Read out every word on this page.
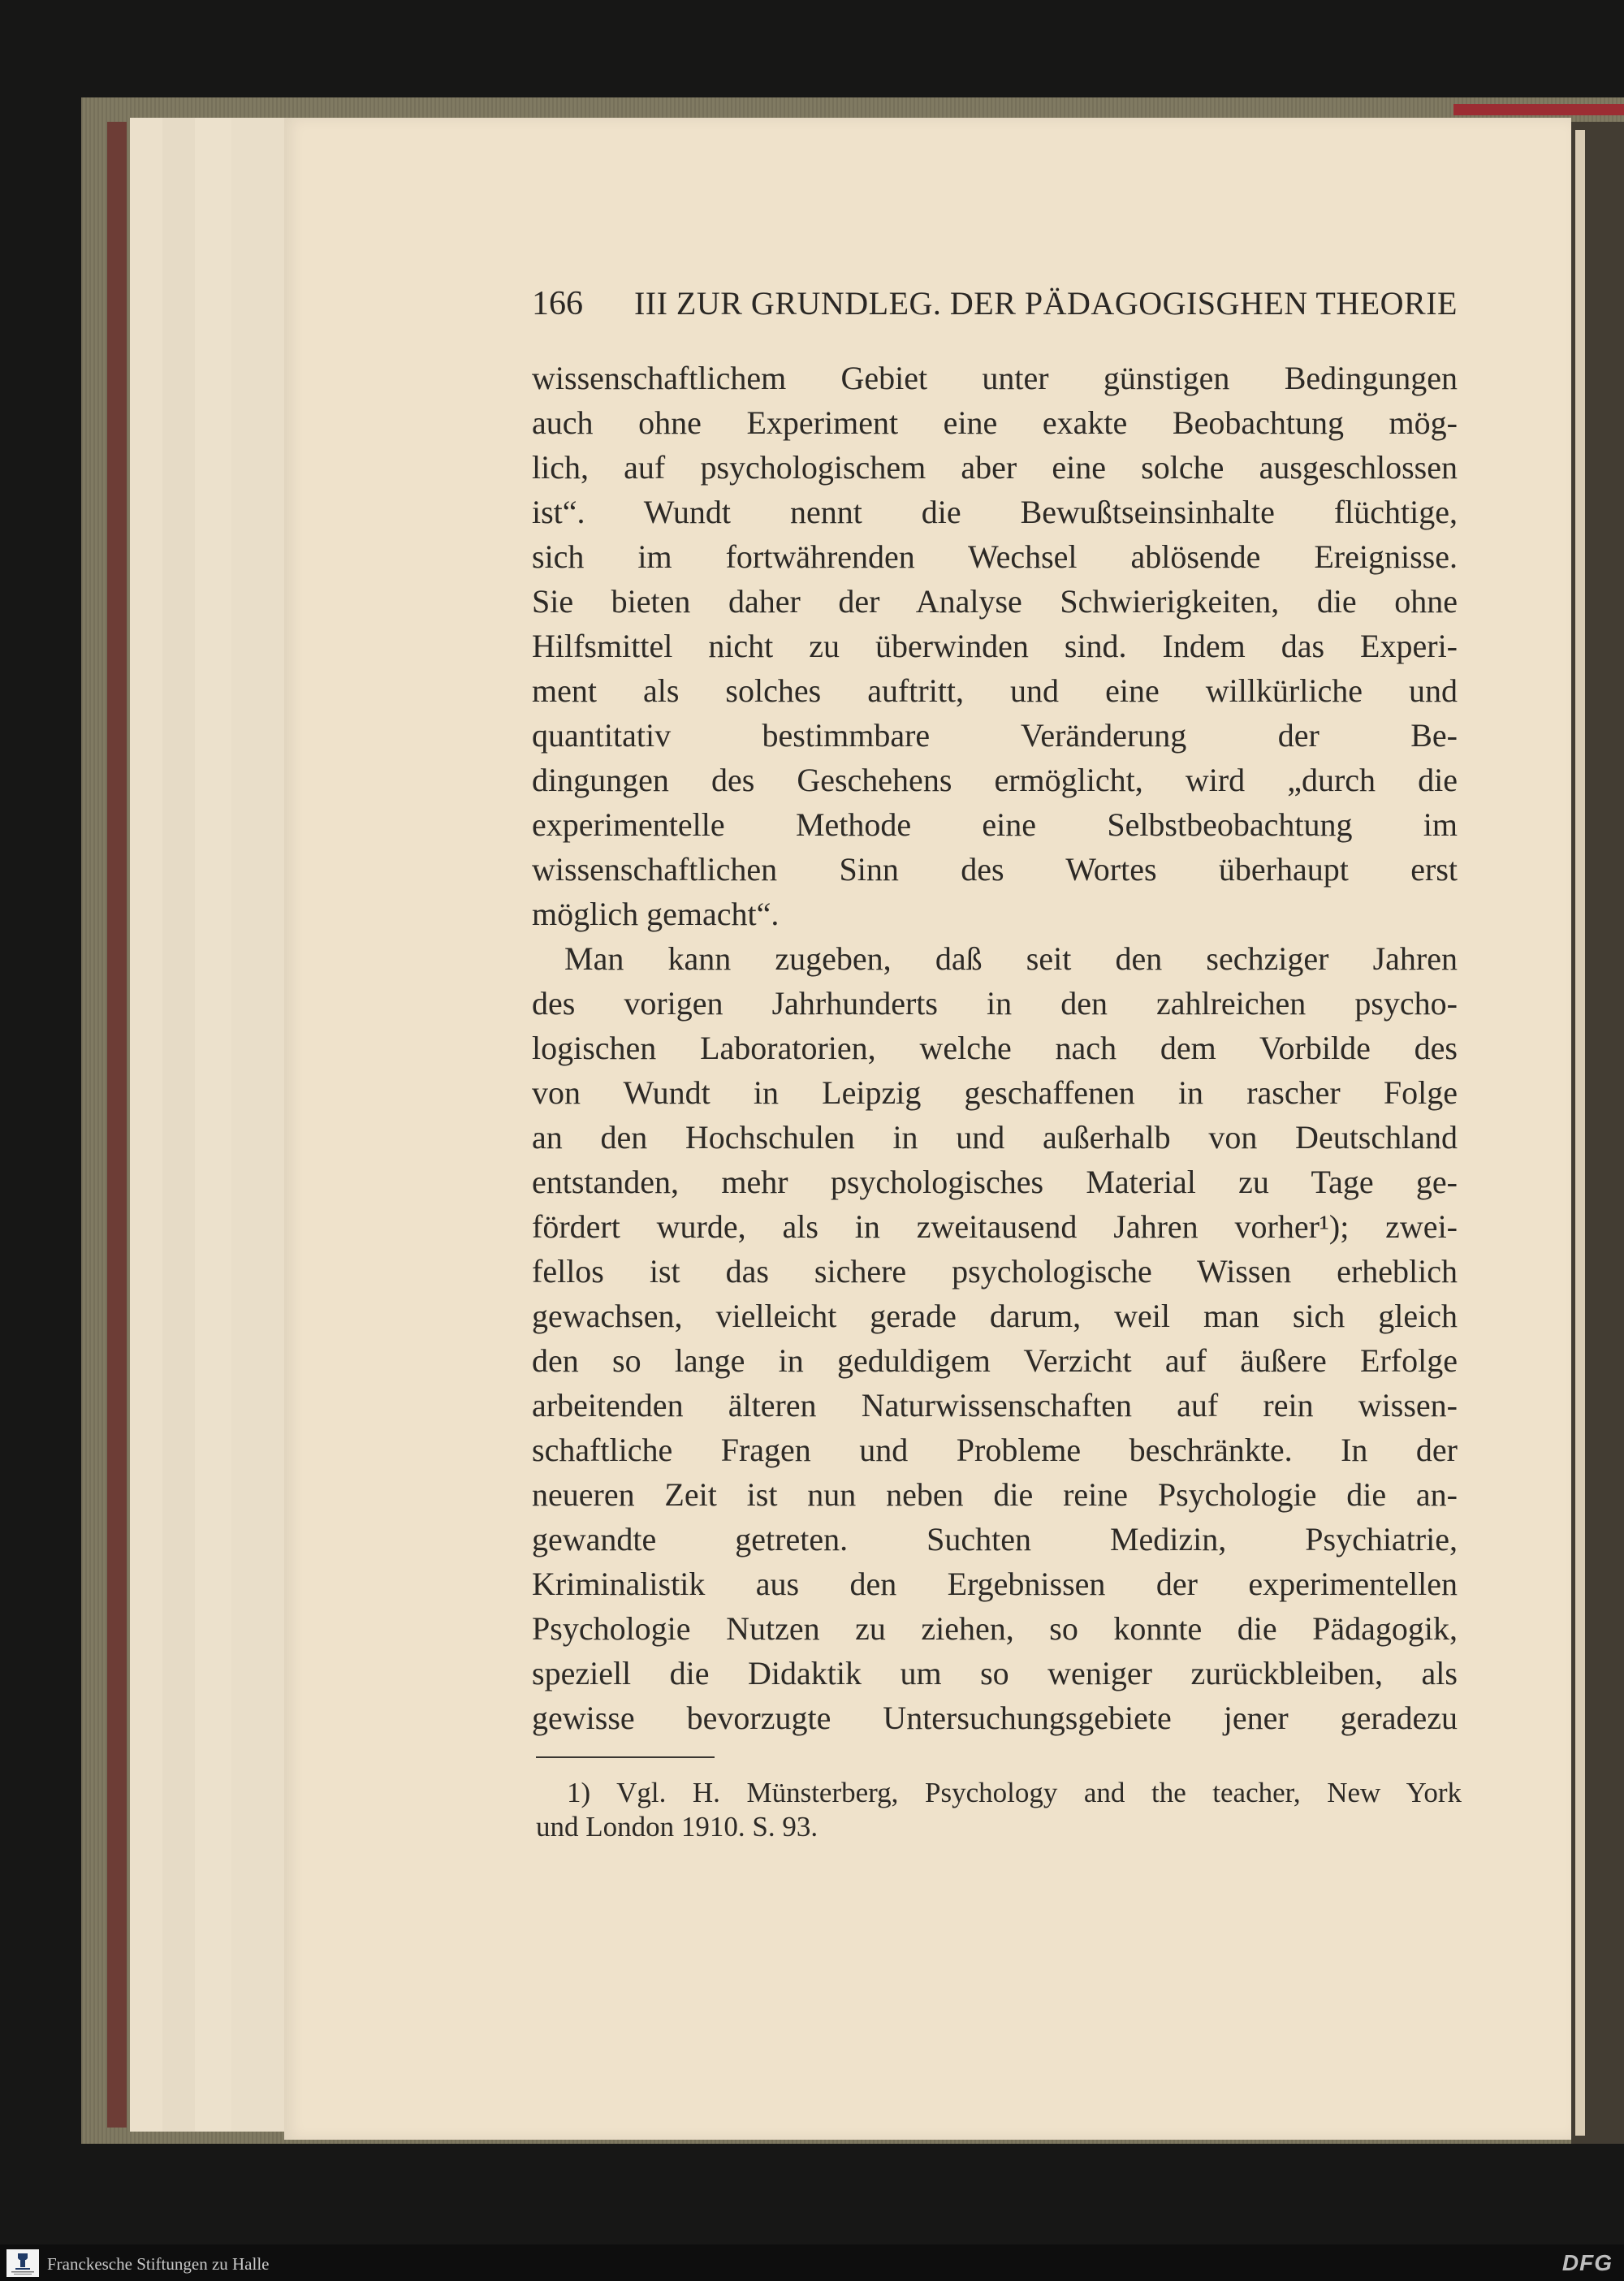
166 III ZUR GRUNDLEG. DER PÄDAGOGISGHEN THEORIE
wissenschaftlichem Gebiet unter günstigen Bedingungen
auch ohne Experiment eine exakte Beobachtung mög-
lich, auf psychologischem aber eine solche ausgeschlossen
ist“. Wundt nennt die Bewußtseinsinhalte flüchtige,
sich im fortwährenden Wechsel ablösende Ereignisse.
Sie bieten daher der Analyse Schwierigkeiten, die ohne
Hilfsmittel nicht zu überwinden sind. Indem das Experi-
ment als solches auftritt, und eine willkürliche und
quantitativ bestimmbare Veränderung der Be-
dingungen des Geschehens ermöglicht, wird „durch die
experimentelle Methode eine Selbstbeobachtung im
wissenschaftlichen Sinn des Wortes überhaupt erst
möglich gemacht“.
Man kann zugeben, daß seit den sechziger Jahren
des vorigen Jahrhunderts in den zahlreichen psycho-
logischen Laboratorien, welche nach dem Vorbilde des
von Wundt in Leipzig geschaffenen in rascher Folge
an den Hochschulen in und außerhalb von Deutschland
entstanden, mehr psychologisches Material zu Tage ge-
fördert wurde, als in zweitausend Jahren vorher¹); zwei-
fellos ist das sichere psychologische Wissen erheblich
gewachsen, vielleicht gerade darum, weil man sich gleich
den so lange in geduldigem Verzicht auf äußere Erfolge
arbeitenden älteren Naturwissenschaften auf rein wissen-
schaftliche Fragen und Probleme beschränkte. In der
neueren Zeit ist nun neben die reine Psychologie die an-
gewandte getreten. Suchten Medizin, Psychiatrie,
Kriminalistik aus den Ergebnissen der experimentellen
Psychologie Nutzen zu ziehen, so konnte die Pädagogik,
speziell die Didaktik um so weniger zurückbleiben, als
gewisse bevorzugte Untersuchungsgebiete jener geradezu
1) Vgl. H. Münsterberg, Psychology and the teacher, New York
und London 1910. S. 93.
Franckesche Stiftungen zu Halle	DFG
